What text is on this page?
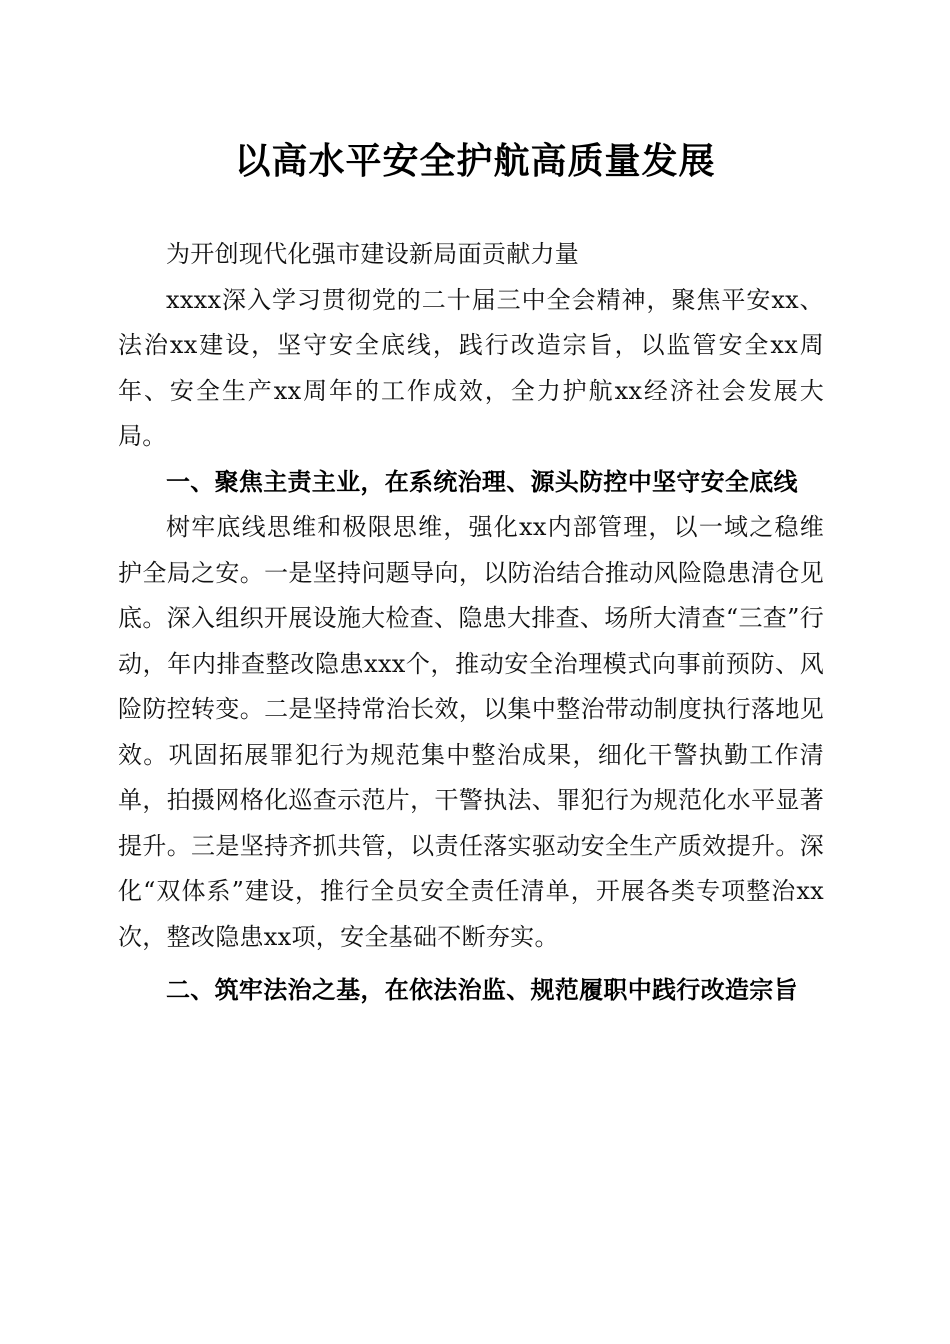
以高水平安全护航高质量发展

为开创现代化强市建设新局面贡献力量

xxxx深入学习贯彻党的二十届三中全会精神，聚焦平安xx、法治xx建设，坚守安全底线，践行改造宗旨，以监管安全xx周年、安全生产xx周年的工作成效，全力护航xx经济社会发展大局。

一、聚焦主责主业，在系统治理、源头防控中坚守安全底线

树牢底线思维和极限思维，强化xx内部管理，以一域之稳维护全局之安。一是坚持问题导向，以防治结合推动风险隐患清仓见底。深入组织开展设施大检查、隐患大排查、场所大清查“三查”行动，年内排查整改隐患xxx个，推动安全治理模式向事前预防、风险防控转变。二是坚持常治长效，以集中整治带动制度执行落地见效。巩固拓展罪犯行为规范集中整治成果，细化干警执勤工作清单，拍摄网格化巡查示范片，干警执法、罪犯行为规范化水平显著提升。三是坚持齐抓共管，以责任落实驱动安全生产质效提升。深化“双体系”建设，推行全员安全责任清单，开展各类专项整治xx次，整改隐患xx项，安全基础不断夯实。

二、筑牢法治之基，在依法治监、规范履职中践行改造宗旨
